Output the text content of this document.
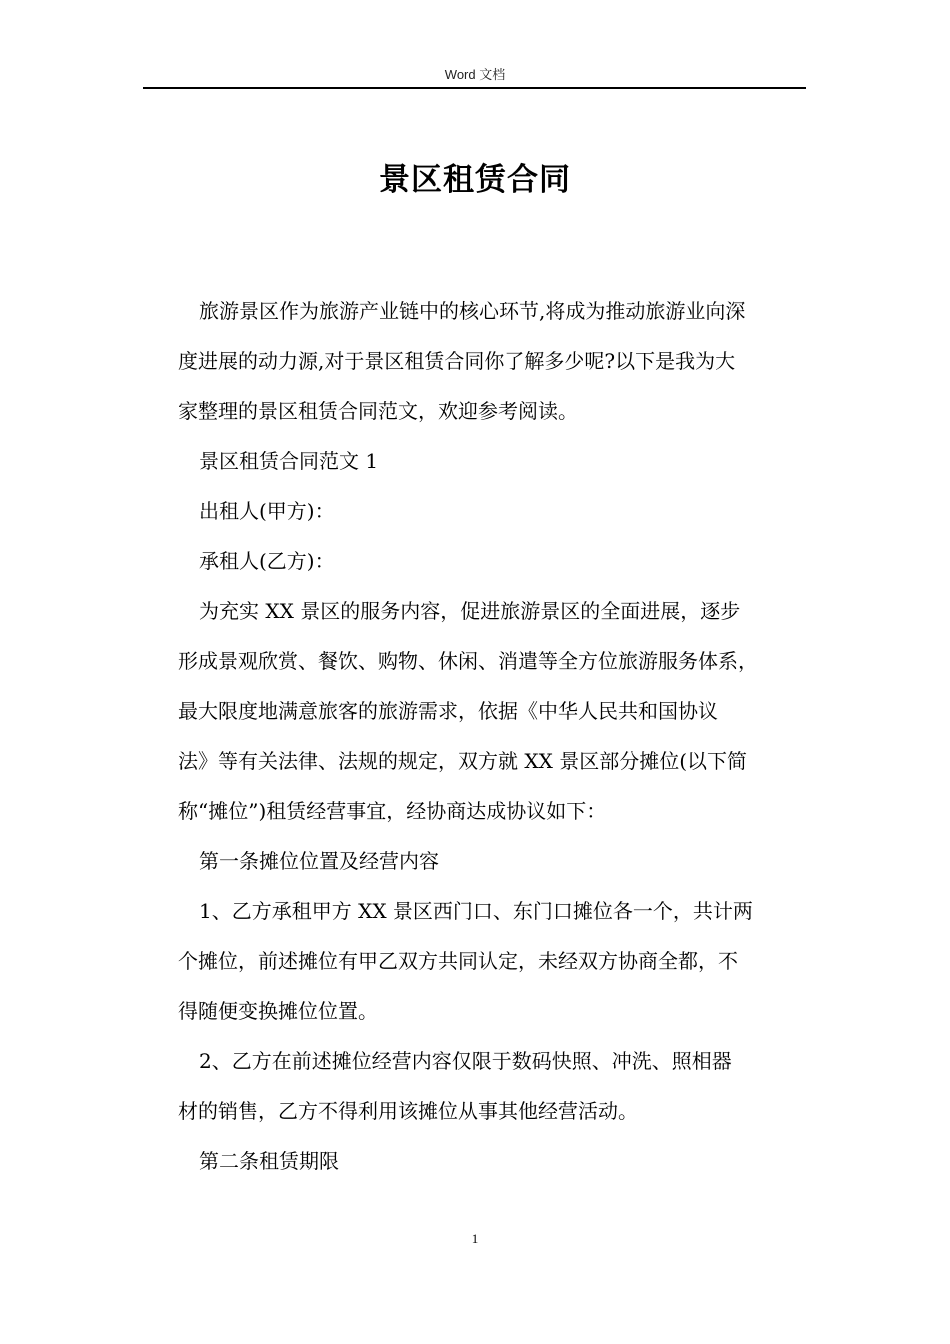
Word 文档
景区租赁合同

旅游景区作为旅游产业链中的核心环节,将成为推动旅游业向深
度进展的动力源,对于景区租赁合同你了解多少呢?以下是我为大
家整理的景区租赁合同范文，欢迎参考阅读。

景区租赁合同范文 1

出租人(甲方)：

承租人(乙方)：

为充实 XX 景区的服务内容，促进旅游景区的全面进展，逐步
形成景观欣赏、餐饮、购物、休闲、消遣等全方位旅游服务体系，
最大限度地满意旅客的旅游需求，依据《中华人民共和国协议
法》等有关法律、法规的规定，双方就 XX 景区部分摊位(以下简
称“摊位”)租赁经营事宜，经协商达成协议如下：

第一条摊位位置及经营内容

1、乙方承租甲方 XX 景区西门口、东门口摊位各一个，共计两
个摊位，前述摊位有甲乙双方共同认定，未经双方协商全都，不
得随便变换摊位位置。

2、乙方在前述摊位经营内容仅限于数码快照、冲洗、照相器
材的销售，乙方不得利用该摊位从事其他经营活动。

第二条租赁期限

1
